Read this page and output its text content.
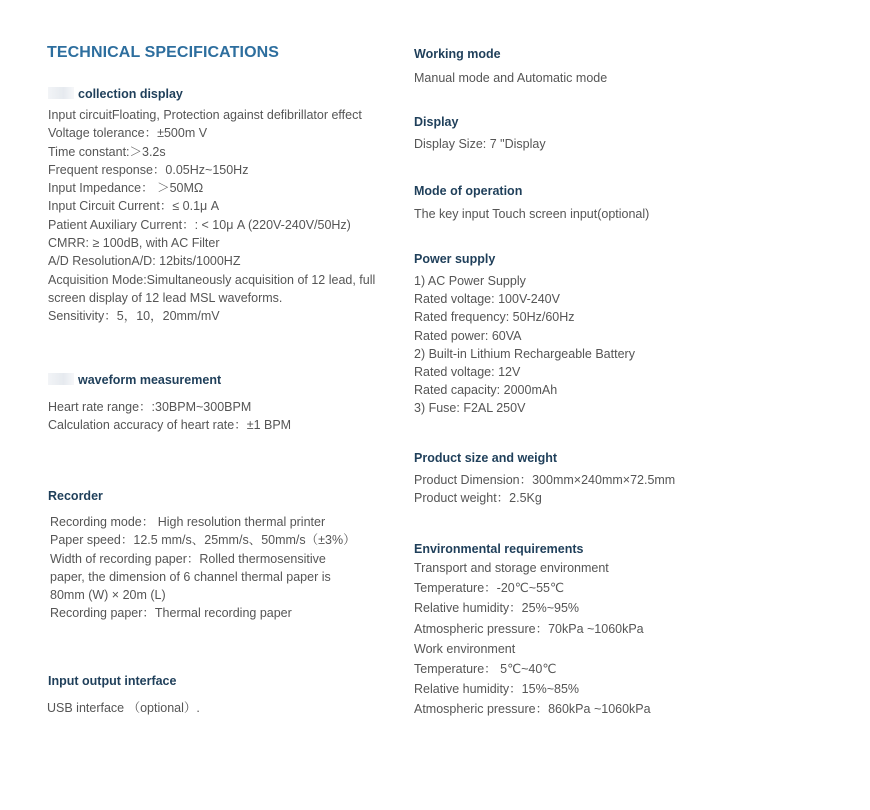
TECHNICAL SPECIFICATIONS
collection display
Input circuitFloating, Protection against defibrillator effect
Voltage tolerance：±500m V
Time constant:＞3.2s
Frequent response：0.05Hz~150Hz
Input Impedance： ＞50MΩ
Input Circuit Current：≤ 0.1μ A
Patient Auxiliary Current：: < 10μ A (220V-240V/50Hz)
CMRR: ≥ 100dB, with AC Filter
A/D ResolutionA/D: 12bits/1000HZ
Acquisition Mode:Simultaneously acquisition of 12 lead, full
screen display of 12 lead MSL waveforms.
Sensitivity：5，10，20mm/mV
waveform measurement
Heart rate range：:30BPM~300BPM
Calculation accuracy of heart rate：±1 BPM
Recorder
Recording mode： High resolution thermal printer
Paper speed：12.5 mm/s、25mm/s、50mm/s（±3%）
Width of recording paper：Rolled thermosensitive
paper, the dimension of 6 channel thermal paper is
80mm (W) × 20m (L)
Recording paper：Thermal recording paper
Input output interface
USB interface （optional）.
Working mode
Manual mode and Automatic mode
Display
Display Size: 7 "Display
Mode of operation
The key input Touch screen input(optional)
Power supply
1) AC Power Supply
Rated voltage: 100V-240V
Rated frequency: 50Hz/60Hz
Rated power: 60VA
2) Built-in Lithium Rechargeable Battery
Rated voltage: 12V
Rated capacity: 2000mAh
3) Fuse: F2AL 250V
Product size and weight
Product Dimension：300mm×240mm×72.5mm
Product weight：2.5Kg
Environmental requirements
Transport and storage environment
Temperature：-20℃~55℃
Relative humidity：25%~95%
Atmospheric pressure：70kPa ~1060kPa
Work environment
Temperature： 5℃~40℃
Relative humidity：15%~85%
Atmospheric pressure：860kPa ~1060kPa
